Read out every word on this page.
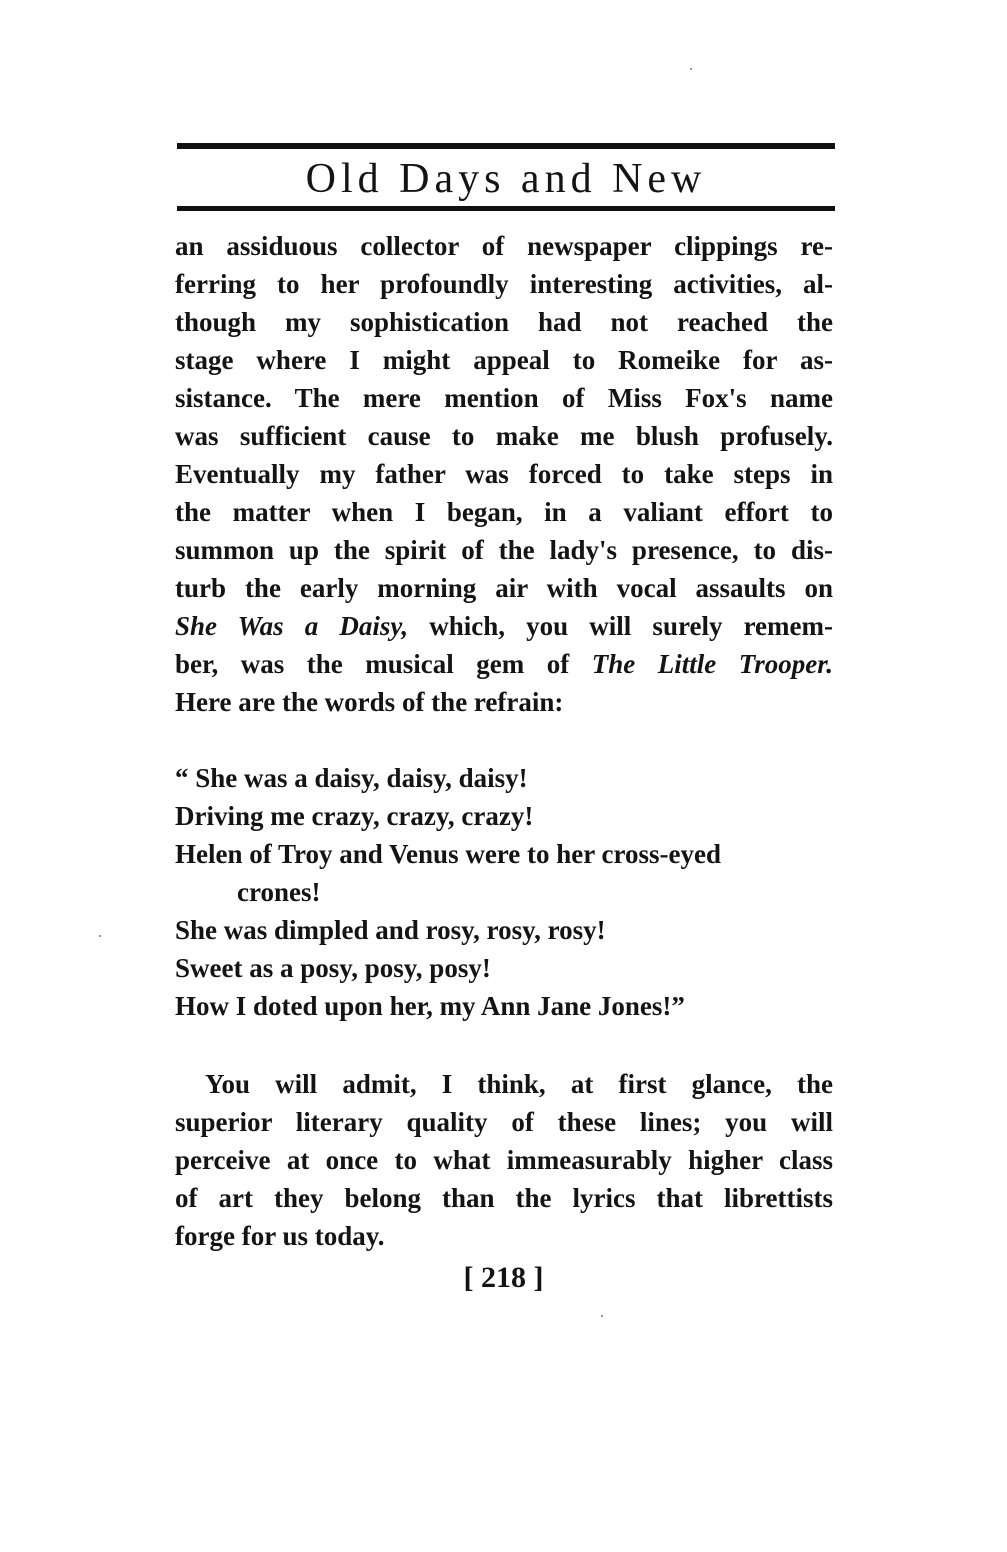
Old Days and New
an assiduous collector of newspaper clippings re-
ferring to her profoundly interesting activities, al-
though my sophistication had not reached the
stage where I might appeal to Romeike for as-
sistance. The mere mention of Miss Fox's name
was sufficient cause to make me blush profusely.
Eventually my father was forced to take steps in
the matter when I began, in a valiant effort to
summon up the spirit of the lady's presence, to dis-
turb the early morning air with vocal assaults on
She Was a Daisy, which, you will surely remem-
ber, was the musical gem of The Little Trooper.
Here are the words of the refrain:
“ She was a daisy, daisy, daisy!
Driving me crazy, crazy, crazy!
Helen of Troy and Venus were to her cross-eyed
crones!
She was dimpled and rosy, rosy, rosy!
Sweet as a posy, posy, posy!
How I doted upon her, my Ann Jane Jones!”
You will admit, I think, at first glance, the
superior literary quality of these lines; you will
perceive at once to what immeasurably higher class
of art they belong than the lyrics that librettists
forge for us today.
[ 218 ]
